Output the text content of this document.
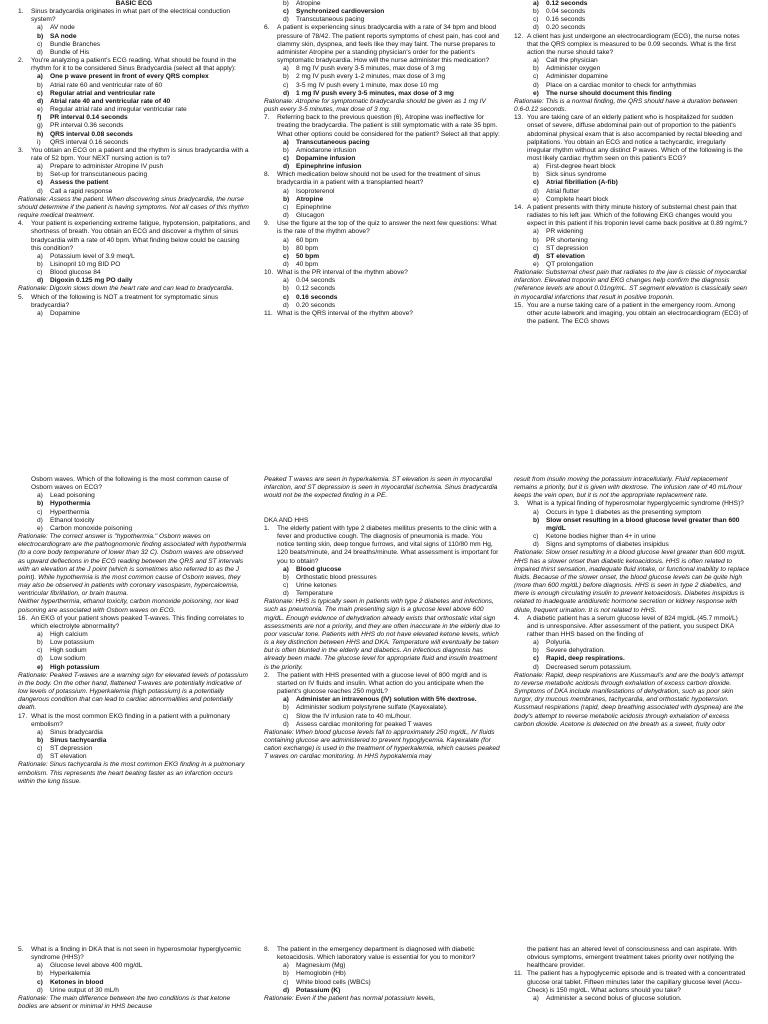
BASIC ECG
1. Sinus bradycardia originates in what part of the electrical conduction system?
a) AV node
b) SA node
c) Bundle Branches
d) Bundle of His
2. You're analyzing a patient's ECG reading. What should be found in the rhythm for it to be considered Sinus Bradycardia (select all that apply):
a) One p wave present in front of every QRS complex
b) Atrial rate 60 and ventricular rate of 60
c) Regular atrial and ventricular rate
d) Atrial rate 40 and ventricular rate of 40
e) Regular atrial rate and irregular ventricular rate
f) PR interval 0.14 seconds
g) PR interval 0.36 seconds
h) QRS interval 0.08 seconds
i) QRS interval 0.16 seconds
3. You obtain an ECG on a patient and the rhythm is sinus bradycardia with a rate of 52 bpm. Your NEXT nursing action is to?
a) Prepare to administer Atropine IV push
b) Set-up for transcutaneous pacing
c) Assess the patient
d) Call a rapid response
Rationale: Assess the patient. When discovering sinus bradycardia, the nurse should determine if the patient is having symptoms. Not all cases of this rhythm require medical treatment.
4. Your patient is experiencing extreme fatigue, hypotension, palpitations, and shortness of breath. You obtain an ECG and discover a rhythm of sinus bradycardia with a rate of 40 bpm. What finding below could be causing this condition?
a) Potassium level of 3.9 meq/L
b) Lisinopril 10 mg BID PO
c) Blood glucose 84
d) Digoxin 0.125 mg PO daily
Rationale: Digoxin slows down the heart rate and can lead to bradycardia.
5. Which of the following is NOT a treatment for symptomatic sinus bradycardia?
a) Dopamine
b) Atropine
c) Synchronized cardioversion
d) Transcutaneous pacing
6. A patient is experiencing sinus bradycardia with a rate of 34 bpm and blood pressure of 78/42. The patient reports symptoms of chest pain, has cool and clammy skin, dyspnea, and feels like they may faint. The nurse prepares to administer Atropine per a standing physician's order for the patient's symptomatic bradycardia. How will the nurse administer this medication?
a) 8 mg IV push every 3-5 minutes, max dose of 3 mg
b) 2 mg IV push every 1-2 minutes, max dose of 3 mg
c) 3-5 mg IV push every 1 minute, max dose 10 mg
d) 1 mg IV push every 3-5 minutes, max dose of 3 mg
Rationale: Atropine for symptomatic bradycardia should be given as 1 mg IV push every 3-5 minutes, max dose of 3 mg.
7. Referring back to the previous question (6), Atropine was ineffective for treating the bradycardia. The patient is still symptomatic with a rate 35 bpm. What other options could be considered for the patient? Select all that apply:
a) Transcutaneous pacing
b) Amiodarone infusion
c) Dopamine infusion
d) Epinephrine infusion
8. Which medication below should not be used for the treatment of sinus bradycardia in a patient with a transplanted heart?
a) Isoproterenol
b) Atropine
c) Epinephrine
d) Glucagon
9. Use the figure at the top of the quiz to answer the next few questions: What is the rate of the rhythm above?
a) 60 bpm
b) 80 bpm
c) 50 bpm
d) 40 bpm
10. What is the PR interval of the rhythm above?
a) 0.04 seconds
b) 0.12 seconds
c) 0.16 seconds
d) 0.20 seconds
11. What is the QRS interval of the rhythm above?
a) 0.12 seconds
b) 0.04 seconds
c) 0.16 seconds
d) 0.20 seconds
12. A client has just undergone an electrocardiogram (ECG), the nurse notes that the QRS complex is measured to be 0.09 seconds. What is the first action the nurse should take?
a) Call the physician
b) Administer oxygen
c) Administer dopamine
d) Place on a cardiac monitor to check for arrhythmias
e) The nurse should document this finding
Rationale: This is a normal finding, the QRS should have a duration between 0.6-0.12 seconds.
13. You are taking care of an elderly patient who is hospitalized for sudden onset of severe, diffuse abdominal pain out of proportion to the patient's abdominal physical exam that is also accompanied by rectal bleeding and palpitations. You obtain an ECG and notice a tachycardic, irregularly irregular rhythm without any distinct P waves. Which of the following is the most likely cardiac rhythm seen on this patient's ECG?
a) First-degree heart block
b) Sick sinus syndrome
c) Atrial fibrillation (A-fib)
d) Atrial flutter
e) Complete heart block
14. A patient presents with thirty minute history of substernal chest pain that radiates to his left jaw. Which of the following EKG changes would you expect in this patient if his troponin level came back positive at 0.89 ng/mL?
a) PR widening
b) PR shortening
c) ST depression
d) ST elevation
e) QT prolongation
Rationale: Substernal chest pain that radiates to the jaw is classic of myocardial infarction. Elevated troponin and EKG changes help confirm the diagnosis (reference levels are about 0.01ng/mL. ST segment elevation is classically seen in myocardial infarctions that result in positive troponin.
15. You are a nurse taking care of a patient in the emergency room. Among other acute labwork and imaging, you obtain an electrocardiogram (ECG) of the patient. The ECG shows
Osborn waves. Which of the following is the most common cause of Osborn waves on ECG?
a) Lead poisoning
b) Hypothermia
c) Hyperthermia
d) Ethanol toxicity
e) Carbon monoxide poisoning
Rationale: The correct answer is "hypothermia." Osborn waves on electrocardiogram are the pathognomonic finding associated with hypothermia (to a core body temperature of lower than 32 C). Osborn waves are observed as upward deflections in the ECG reading between the QRS and ST intervals with an elevation at the J point (which is sometimes also referred to as the J point). While hypothermia is the most common cause of Osborn waves, they may also be observed in patients with coronary vasospasm, hypercalcemia, ventricular fibrillation, or brain trauma.
Neither hyperthermia, ethanol toxicity, carbon monoxide poisoning, nor lead poisoning are associated with Osborn waves on ECG.
16. An EKG of your patient shows peaked T-waves. This finding correlates to which electrolyte abnormality?
a) High calcium
b) Low potassium
c) High sodium
d) Low sodium
e) High potassium
Rationale: Peaked T-waves are a warning sign for elevated levels of potassium in the body. On the other hand, flattened T-waves are potentially indicative of low levels of potassium. Hyperkalemia (high potassium) is a potentially dangerous condition that can lead to cardiac abnormalities and potentially death.
17. What is the most common EKG finding in a patient with a pulmonary embolism?
a) Sinus bradycardia
b) Sinus tachycardia
c) ST depression
d) ST elevation
Rationale: Sinus tachycardia is the most common EKG finding in a pulmonary embolism. This represents the heart beating faster as an infarction occurs within the lung tissue.
Peaked T waves are seen in hyperkalemia. ST elevation is seen in myocardial infarction, and ST depression is seen in myocardial ischemia. Sinus bradycardia would not be the expected finding in a PE.
DKA AND HHS
1. The elderly patient with type 2 diabetes mellitus presents to the clinic with a fever and productive cough. The diagnosis of pneumonia is made. You notice tenting skin, deep tongue furrows, and vital signs of 110/80 mm Hg, 120 beats/minute, and 24 breaths/minute. What assessment is important for you to obtain?
a) Blood glucose
b) Orthostatic blood pressures
c) Urine ketones
d) Temperature
Rationale: HHS is typically seen in patients with type 2 diabetes and infections, such as pneumonia. The main presenting sign is a glucose level above 600 mg/dL. Enough evidence of dehydration already exists that orthostatic vital sign assessments are not a priority, and they are often inaccurate in the elderly due to poor vascular tone. Patients with HHS do not have elevated ketone levels, which is a key distinction between HHS and DKA. Temperature will eventually be taken but is often blunted in the elderly and diabetics. An infectious diagnosis has already been made. The glucose level for appropriate fluid and insulin treatment is the priority.
2. The patient with HHS presented with a glucose level of 800 mg/dl and is started on IV fluids and insulin. What action do you anticipate when the patient's glucose reaches 250 mg/dL?
a) Administer an intravenous (IV) solution with 5% dextrose.
b) Administer sodium polystyrene sulfate (Kayexalate).
c) Slow the IV infusion rate to 40 mL/hour.
d) Assess cardiac monitoring for peaked T waves
Rationale: When blood glucose levels fall to approximately 250 mg/dL, IV fluids containing glucose are administered to prevent hypoglycemia. Kayexalate (for cation exchange) is used in the treatment of hyperkalemia, which causes peaked T waves on cardiac monitoring. In HHS hypokalemia may
result from insulin moving the potassium intracellularly. Fluid replacement remains a priority, but it is given with dextrose. The infusion rate of 40 mL/hour keeps the vein open, but it is not the appropriate replacement rate.
3. What is a typical finding of hyperosmolar hyperglycemic syndrome (HHS)?
a) Occurs in type 1 diabetes as the presenting symptom
b) Slow onset resulting in a blood glucose level greater than 600 mg/dL
c) Ketone bodies higher than 4+ in urine
d) Signs and symptoms of diabetes insipidus
Rationale: Slow onset resulting in a blood glucose level greater than 600 mg/dL
HHS has a slower onset than diabetic ketoacidosis. HHS is often related to impaired thirst sensation, inadequate fluid intake, or functional inability to replace fluids. Because of the slower onset, the blood glucose levels can be quite high (more than 600 mg/dL) before diagnosis. HHS is seen in type 2 diabetics, and there is enough circulating insulin to prevent ketoacidosis. Diabetes insipidus is related to inadequate antidiuretic hormone secretion or kidney response with dilute, frequent urination. It is not related to HHS.
4. A diabetic patient has a serum glucose level of 824 mg/dL (45.7 mmol/L) and is unresponsive. After assessment of the patient, you suspect DKA rather than HHS based on the finding of
a) Polyuria.
b) Severe dehydration.
c) Rapid, deep respirations.
d) Decreased serum potassium.
Rationale: Rapid, deep respirations are Kussmaul's and are the body's attempt to reverse metabolic acidosis through exhalation of excess carbon dioxide. Symptoms of DKA include manifestations of dehydration, such as poor skin turgor, dry mucous membranes, tachycardia, and orthostatic hypotension. Kussmaul respirations (rapid, deep breathing associated with dyspnea) are the body's attempt to reverse metabolic acidosis through exhalation of excess carbon dioxide. Acetone is detected on the breath as a sweet, fruity odor
5. What is a finding in DKA that is not seen in hyperosmolar hyperglycemic syndrome (HHS)?
a) Glucose level above 400 mg/dL
b) Hyperkalemia
c) Ketones in blood
d) Urine output of 30 mL/h
Rationale: The main difference between the two conditions is that ketone bodies are absent or minimal in HHS because
8. The patient in the emergency department is diagnosed with diabetic ketoacidosis. Which laboratory value is essential for you to monitor?
a) Magnesium (Mg)
b) Hemoglobin (Hb)
c) White blood cells (WBCs)
d) Potassium (K)
Rationale: Even if the patient has normal potassium levels,
the patient has an altered level of consciousness and can aspirate. With obvious symptoms, emergent treatment takes priority over notifying the healthcare provider.
11. The patient has a hypoglycemic episode and is treated with a concentrated glucose oral tablet. Fifteen minutes later the capillary glucose level (Accu-Check) is 150 mg/dL. What actions should you take?
a) Administer a second bolus of glucose solution.
